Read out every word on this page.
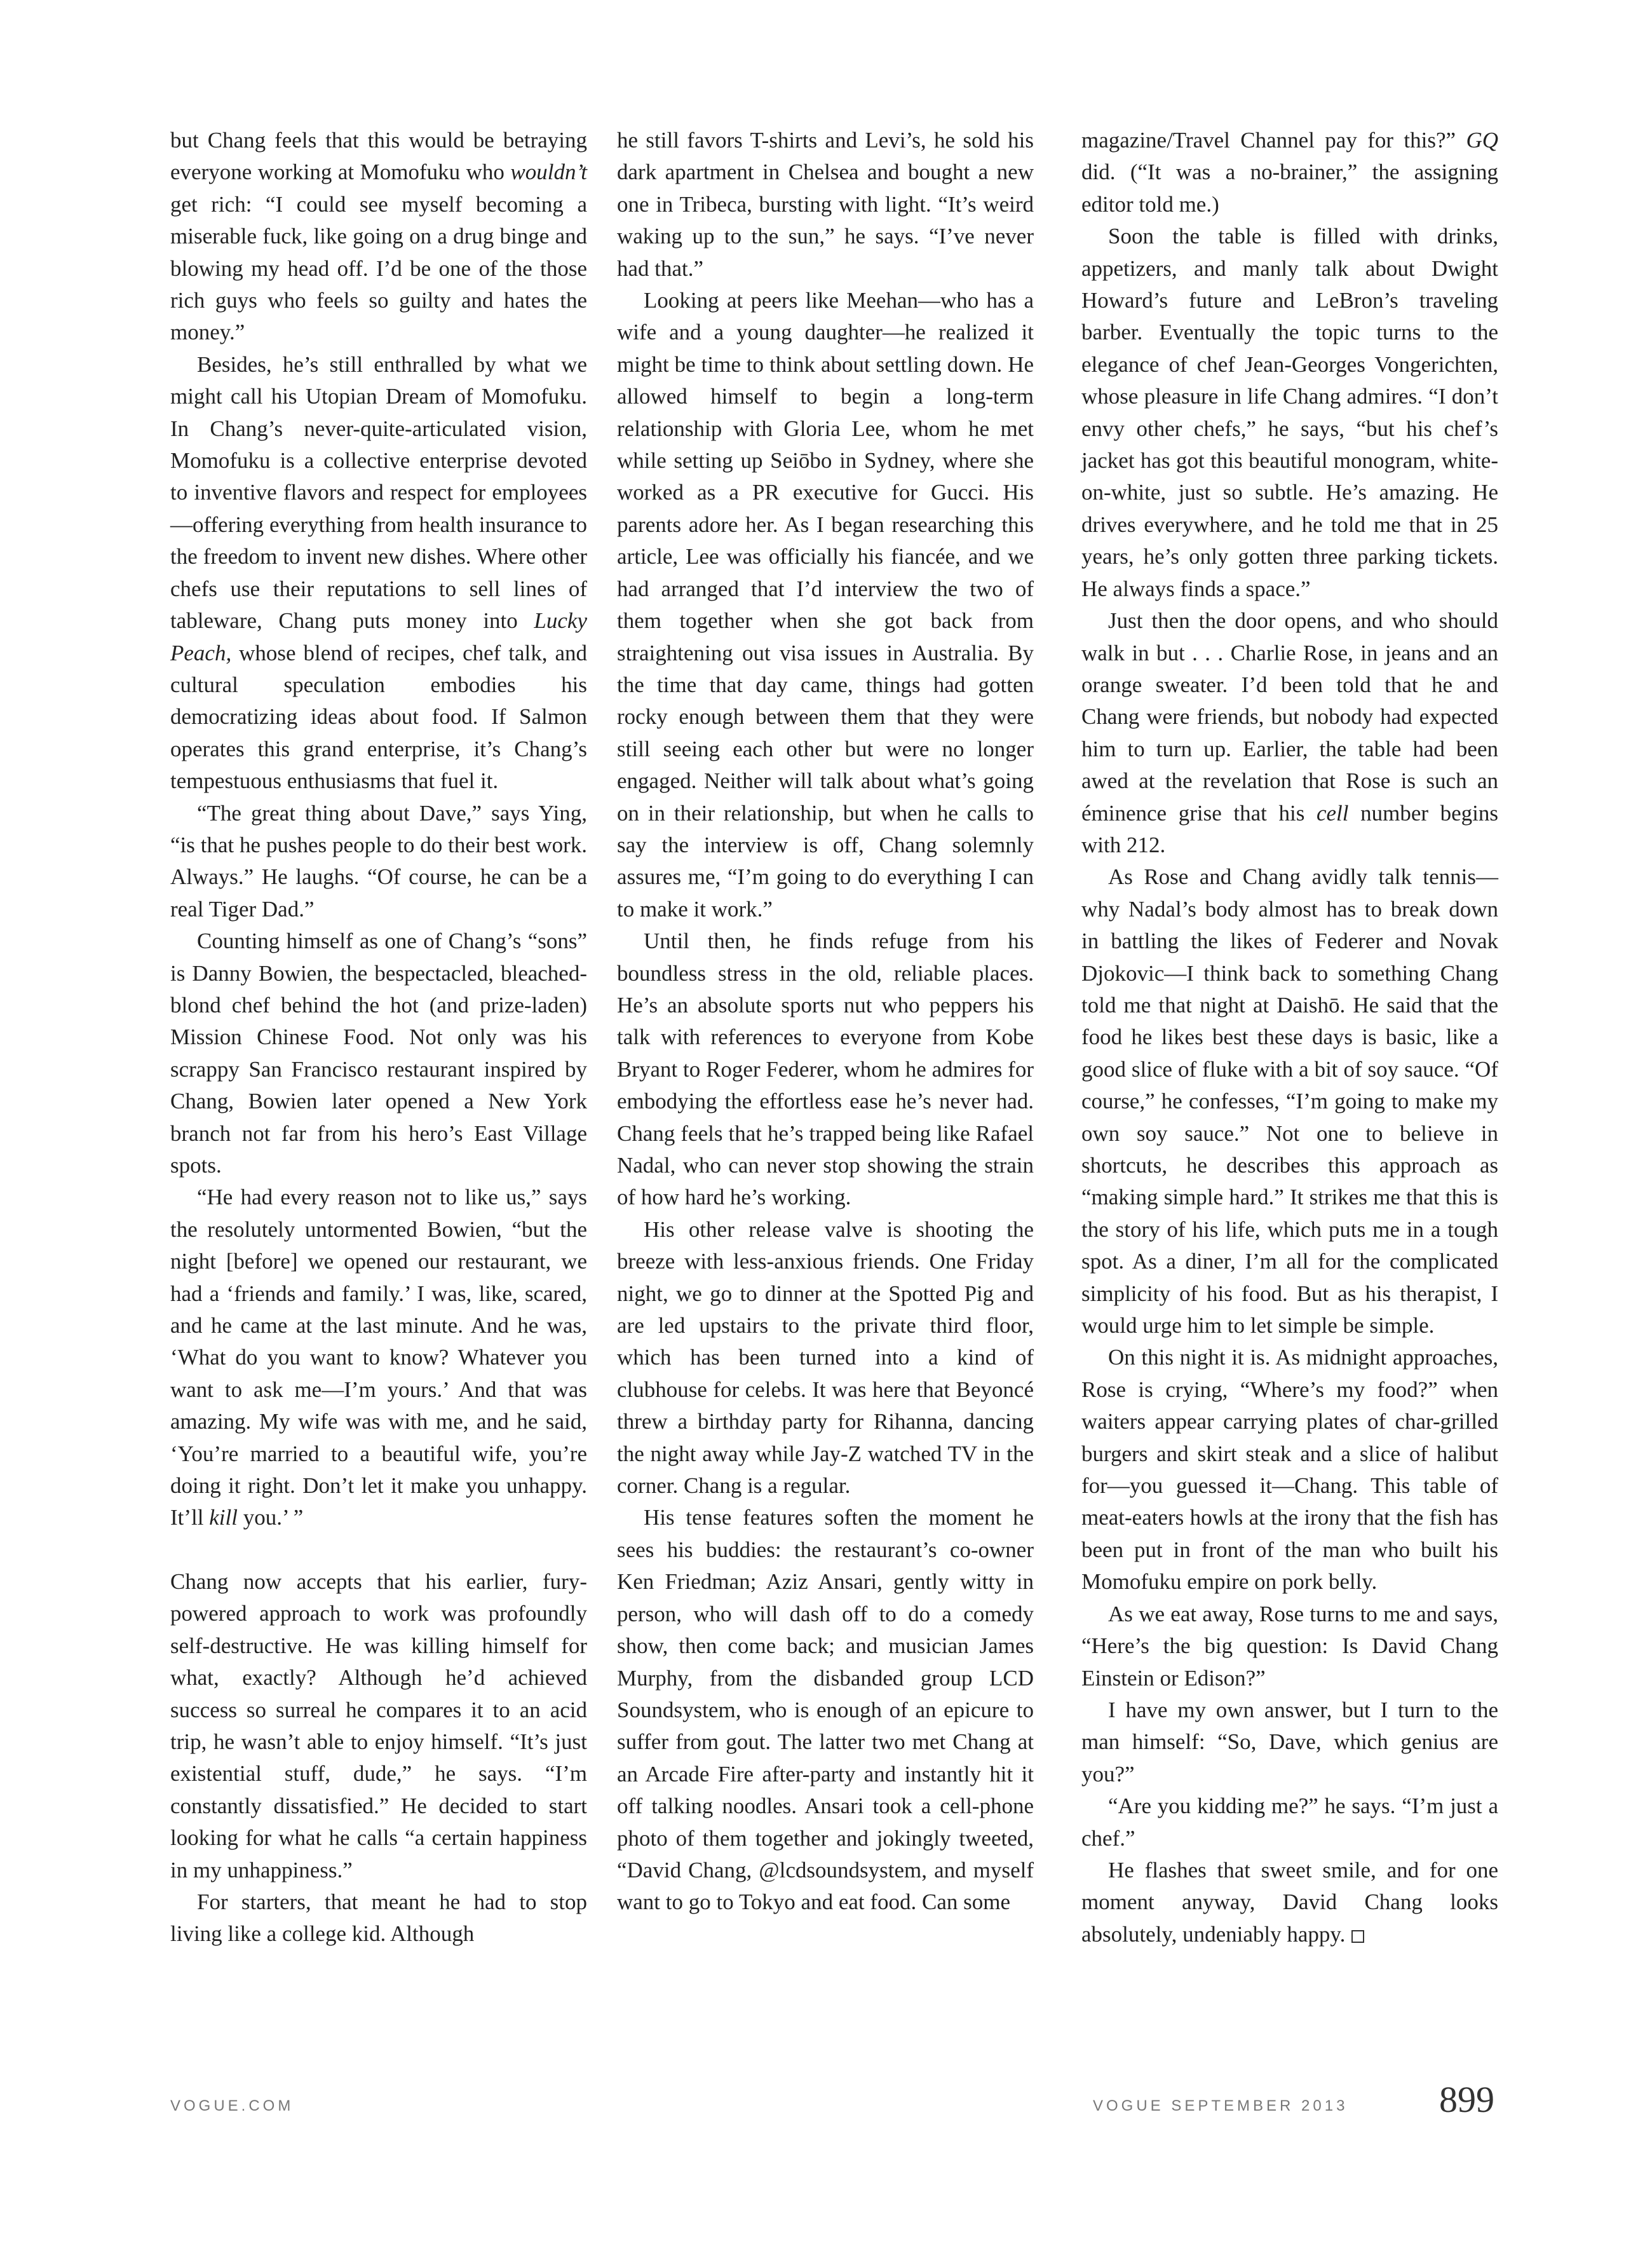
but Chang feels that this would be betraying everyone working at Momofuku who wouldn’t get rich: “I could see myself becoming a miserable fuck, like going on a drug binge and blowing my head off. I’d be one of the those rich guys who feels so guilty and hates the money.”

Besides, he’s still enthralled by what we might call his Utopian Dream of Momofuku. In Chang’s never-quite-articulated vision, Momofuku is a collective enterprise devoted to inventive flavors and respect for employees—offering everything from health insurance to the freedom to invent new dishes. Where other chefs use their reputations to sell lines of tableware, Chang puts money into Lucky Peach, whose blend of recipes, chef talk, and cultural speculation embodies his democratizing ideas about food. If Salmon operates this grand enterprise, it’s Chang’s tempestuous enthusiasms that fuel it.

“The great thing about Dave,” says Ying, “is that he pushes people to do their best work. Always.” He laughs. “Of course, he can be a real Tiger Dad.”

Counting himself as one of Chang’s “sons” is Danny Bowien, the bespectacled, bleached-blond chef behind the hot (and prize-laden) Mission Chinese Food. Not only was his scrappy San Francisco restaurant inspired by Chang, Bowien later opened a New York branch not far from his hero’s East Village spots.

“He had every reason not to like us,” says the resolutely untormented Bowien, “but the night [before] we opened our restaurant, we had a ‘friends and family.’ I was, like, scared, and he came at the last minute. And he was, ‘What do you want to know? Whatever you want to ask me—I’m yours.’ And that was amazing. My wife was with me, and he said, ‘You’re married to a beautiful wife, you’re doing it right. Don’t let it make you unhappy. It’ll kill you.’ ”

Chang now accepts that his earlier, fury-powered approach to work was profoundly self-destructive. He was killing himself for what, exactly? Although he’d achieved success so surreal he compares it to an acid trip, he wasn’t able to enjoy himself. “It’s just existential stuff, dude,” he says. “I’m constantly dissatisfied.” He decided to start looking for what he calls “a certain happiness in my unhappiness.”

For starters, that meant he had to stop living like a college kid. Although

he still favors T-shirts and Levi’s, he sold his dark apartment in Chelsea and bought a new one in Tribeca, bursting with light. “It’s weird waking up to the sun,” he says. “I’ve never had that.”

Looking at peers like Meehan—who has a wife and a young daughter—he realized it might be time to think about settling down. He allowed himself to begin a long-term relationship with Gloria Lee, whom he met while setting up Seiōbo in Sydney, where she worked as a PR executive for Gucci. His parents adore her. As I began researching this article, Lee was officially his fiancée, and we had arranged that I’d interview the two of them together when she got back from straightening out visa issues in Australia. By the time that day came, things had gotten rocky enough between them that they were still seeing each other but were no longer engaged. Neither will talk about what’s going on in their relationship, but when he calls to say the interview is off, Chang solemnly assures me, “I’m going to do everything I can to make it work.”

Until then, he finds refuge from his boundless stress in the old, reliable places. He’s an absolute sports nut who peppers his talk with references to everyone from Kobe Bryant to Roger Federer, whom he admires for embodying the effortless ease he’s never had. Chang feels that he’s trapped being like Rafael Nadal, who can never stop showing the strain of how hard he’s working.

His other release valve is shooting the breeze with less-anxious friends. One Friday night, we go to dinner at the Spotted Pig and are led upstairs to the private third floor, which has been turned into a kind of clubhouse for celebs. It was here that Beyoncé threw a birthday party for Rihanna, dancing the night away while Jay-Z watched TV in the corner. Chang is a regular.

His tense features soften the moment he sees his buddies: the restaurant’s co-owner Ken Friedman; Aziz Ansari, gently witty in person, who will dash off to do a comedy show, then come back; and musician James Murphy, from the disbanded group LCD Soundsystem, who is enough of an epicure to suffer from gout. The latter two met Chang at an Arcade Fire after-party and instantly hit it off talking noodles. Ansari took a cell-phone photo of them together and jokingly tweeted, “David Chang, @lcdsoundsystem, and myself want to go to Tokyo and eat food. Can some

magazine/Travel Channel pay for this?” GQ did. (“It was a no-brainer,” the assigning editor told me.)

Soon the table is filled with drinks, appetizers, and manly talk about Dwight Howard’s future and LeBron’s traveling barber. Eventually the topic turns to the elegance of chef Jean-Georges Vongerichten, whose pleasure in life Chang admires. “I don’t envy other chefs,” he says, “but his chef’s jacket has got this beautiful monogram, white-on-white, just so subtle. He’s amazing. He drives everywhere, and he told me that in 25 years, he’s only gotten three parking tickets. He always finds a space.”

Just then the door opens, and who should walk in but . . . Charlie Rose, in jeans and an orange sweater. I’d been told that he and Chang were friends, but nobody had expected him to turn up. Earlier, the table had been awed at the revelation that Rose is such an éminence grise that his cell number begins with 212.

As Rose and Chang avidly talk tennis—why Nadal’s body almost has to break down in battling the likes of Federer and Novak Djokovic—I think back to something Chang told me that night at Daishō. He said that the food he likes best these days is basic, like a good slice of fluke with a bit of soy sauce. “Of course,” he confesses, “I’m going to make my own soy sauce.” Not one to believe in shortcuts, he describes this approach as “making simple hard.” It strikes me that this is the story of his life, which puts me in a tough spot. As a diner, I’m all for the complicated simplicity of his food. But as his therapist, I would urge him to let simple be simple.

On this night it is. As midnight approaches, Rose is crying, “Where’s my food?” when waiters appear carrying plates of char-grilled burgers and skirt steak and a slice of halibut for—you guessed it—Chang. This table of meat-eaters howls at the irony that the fish has been put in front of the man who built his Momofuku empire on pork belly.

As we eat away, Rose turns to me and says, “Here’s the big question: Is David Chang Einstein or Edison?”

I have my own answer, but I turn to the man himself: “So, Dave, which genius are you?”

“Are you kidding me?” he says. “I’m just a chef.”

He flashes that sweet smile, and for one moment anyway, David Chang looks absolutely, undeniably happy.

VOGUE.COM	VOGUE SEPTEMBER 2013 899
